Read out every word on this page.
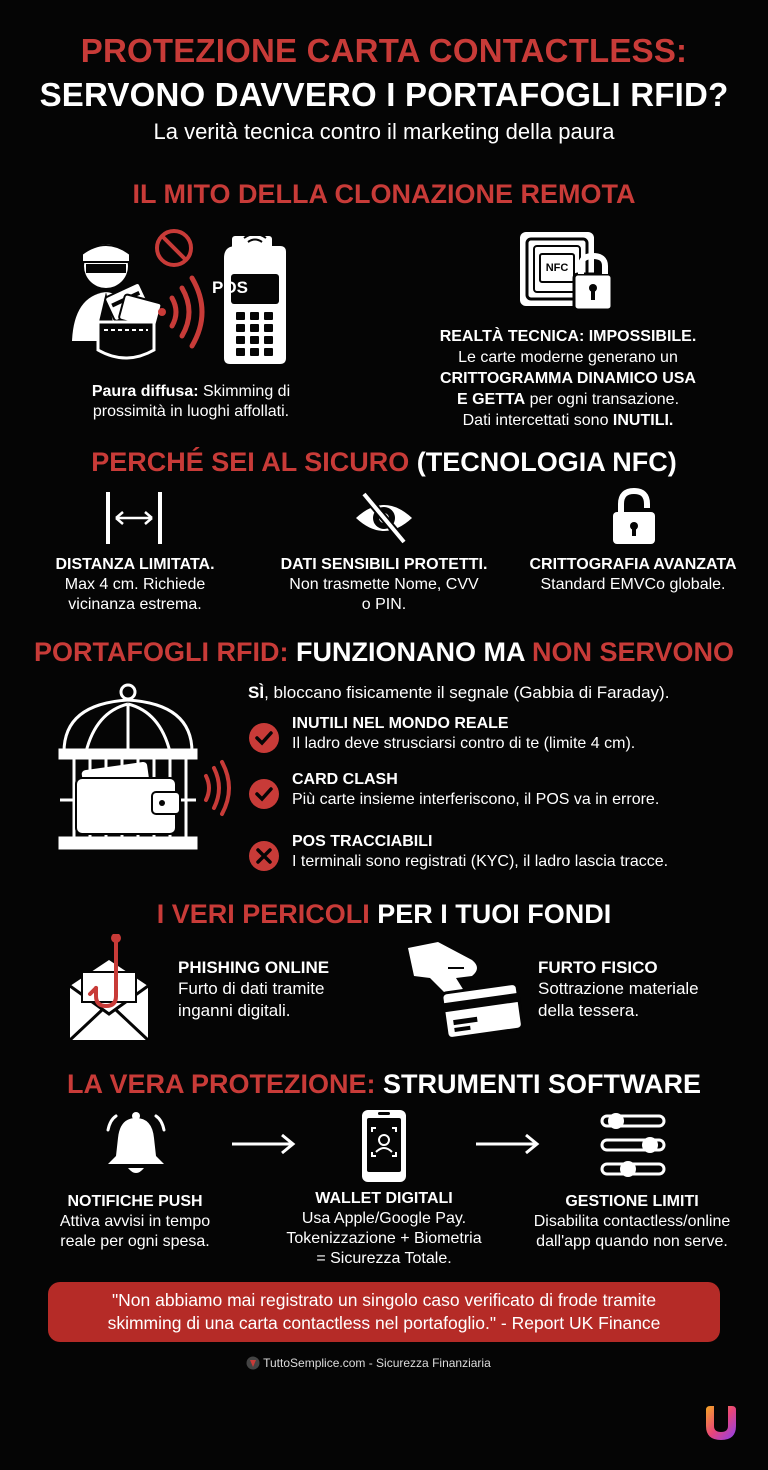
PROTEZIONE CARTA CONTACTLESS:
SERVONO DAVVERO I PORTAFOGLI RFID?
La verità tecnica contro il marketing della paura
IL MITO DELLA CLONAZIONE REMOTA
POS
Paura diffusa: Skimming di
prossimità in luoghi affollati.
NFC
REALTÀ TECNICA: IMPOSSIBILE.
Le carte moderne generano un
CRITTOGRAMMA DINAMICO USA
E GETTA per ogni transazione.
Dati intercettati sono INUTILI.
PERCHÉ SEI AL SICURO (TECNOLOGIA NFC)
DISTANZA LIMITATA.
Max 4 cm. Richiede
vicinanza estrema.
DATI SENSIBILI PROTETTI.
Non trasmette Nome, CVV
o PIN.
CRITTOGRAFIA AVANZATA
Standard EMVCo globale.
PORTAFOGLI RFID: FUNZIONANO MA NON SERVONO
SÌ, bloccano fisicamente il segnale (Gabbia di Faraday).
INUTILI NEL MONDO REALE
Il ladro deve strusciarsi contro di te (limite 4 cm).
CARD CLASH
Più carte insieme interferiscono, il POS va in errore.
POS TRACCIABILI
I terminali sono registrati (KYC), il ladro lascia tracce.
I VERI PERICOLI PER I TUOI FONDI
PHISHING ONLINE
Furto di dati tramite
inganni digitali.
FURTO FISICO
Sottrazione materiale
della tessera.
LA VERA PROTEZIONE: STRUMENTI SOFTWARE
NOTIFICHE PUSH
Attiva avvisi in tempo
reale per ogni spesa.
WALLET DIGITALI
Usa Apple/Google Pay.
Tokenizzazione + Biometria
= Sicurezza Totale.
GESTIONE LIMITI
Disabilita contactless/online
dall'app quando non serve.
"Non abbiamo mai registrato un singolo caso verificato di frode tramite
skimming di una carta contactless nel portafoglio." - Report UK Finance
TuttoSemplice.com - Sicurezza Finanziaria
